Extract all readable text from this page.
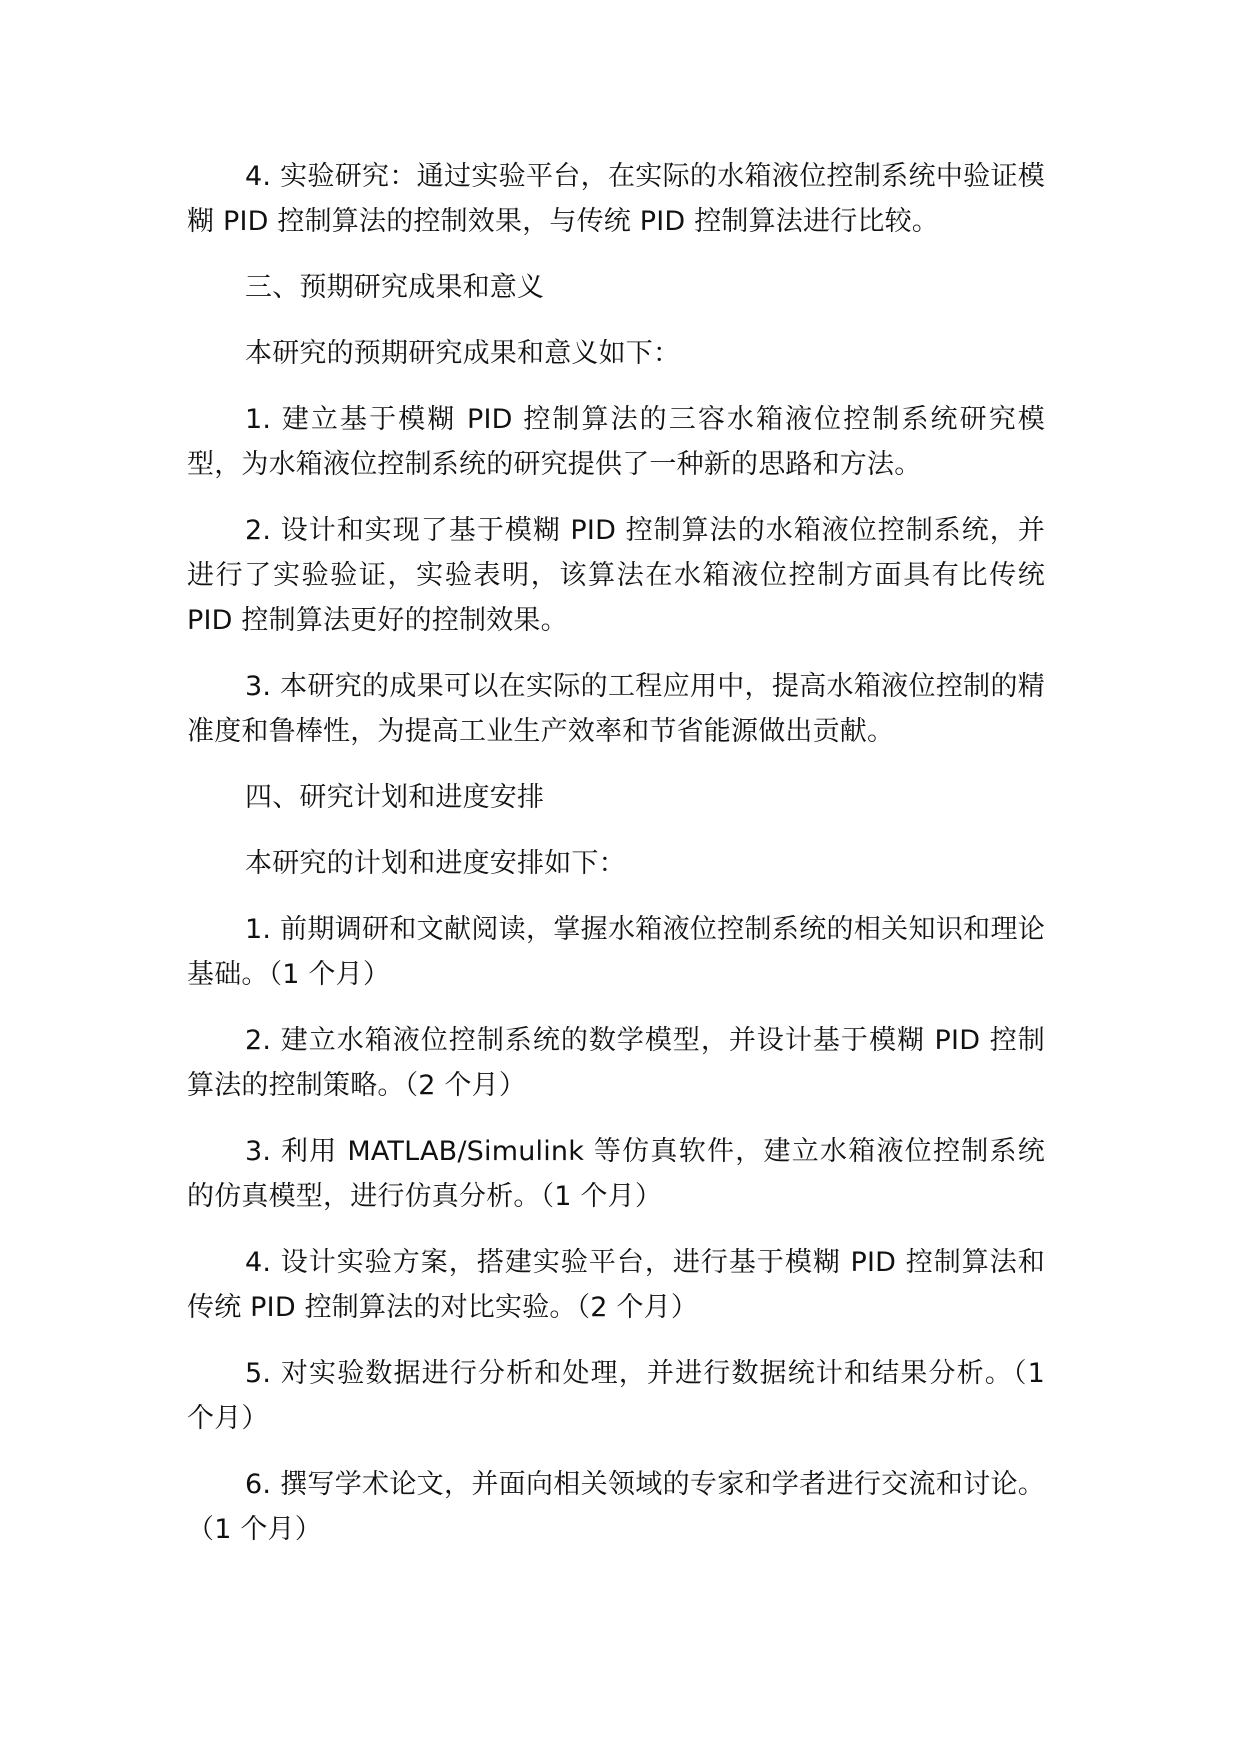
4. 实验研究：通过实验平台，在实际的水箱液位控制系统中验证模糊 PID 控制算法的控制效果，与传统 PID 控制算法进行比较。

三、预期研究成果和意义

本研究的预期研究成果和意义如下：

1. 建立基于模糊 PID 控制算法的三容水箱液位控制系统研究模型，为水箱液位控制系统的研究提供了一种新的思路和方法。

2. 设计和实现了基于模糊 PID 控制算法的水箱液位控制系统，并进行了实验验证，实验表明，该算法在水箱液位控制方面具有比传统 PID 控制算法更好的控制效果。

3. 本研究的成果可以在实际的工程应用中，提高水箱液位控制的精准度和鲁棒性，为提高工业生产效率和节省能源做出贡献。

四、研究计划和进度安排

本研究的计划和进度安排如下：

1. 前期调研和文献阅读，掌握水箱液位控制系统的相关知识和理论基础。（1 个月）

2. 建立水箱液位控制系统的数学模型，并设计基于模糊 PID 控制算法的控制策略。（2 个月）

3. 利用 MATLAB/Simulink 等仿真软件，建立水箱液位控制系统的仿真模型，进行仿真分析。（1 个月）

4. 设计实验方案，搭建实验平台，进行基于模糊 PID 控制算法和传统 PID 控制算法的对比实验。（2 个月）

5. 对实验数据进行分析和处理，并进行数据统计和结果分析。（1 个月）

6. 撰写学术论文，并面向相关领域的专家和学者进行交流和讨论。（1 个月）
